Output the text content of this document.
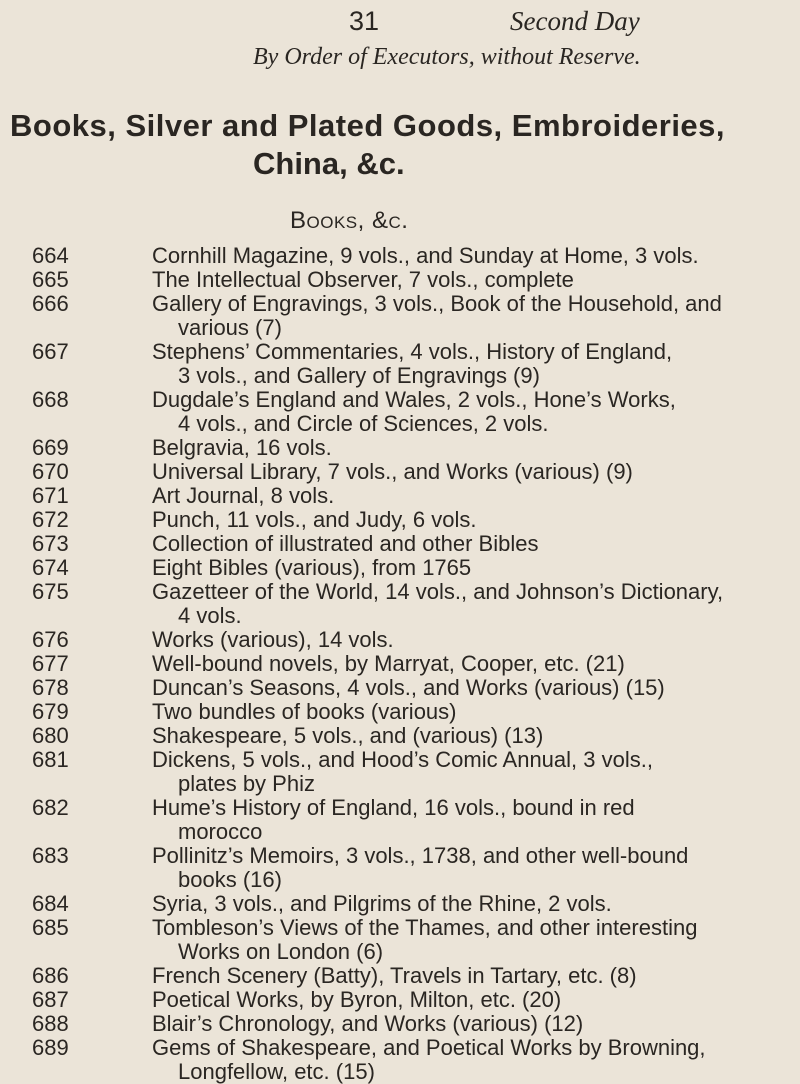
31	Second Day
By Order of Executors, without Reserve.
Books, Silver and Plated Goods, Embroideries,
China, &c.
Books, &c.
664	Cornhill Magazine, 9 vols., and Sunday at Home, 3 vols.
665	The Intellectual Observer, 7 vols., complete
666	Gallery of Engravings, 3 vols., Book of the Household, and
various (7)
667	Stephens’ Commentaries, 4 vols., History of England,
3 vols., and Gallery of Engravings (9)
668	Dugdale’s England and Wales, 2 vols., Hone’s Works,
4 vols., and Circle of Sciences, 2 vols.
669	Belgravia, 16 vols.
670	Universal Library, 7 vols., and Works (various) (9)
671	Art Journal, 8 vols.
672	Punch, 11 vols., and Judy, 6 vols.
673	Collection of illustrated and other Bibles
674	Eight Bibles (various), from 1765
675	Gazetteer of the World, 14 vols., and Johnson’s Dictionary,
4 vols.
676	Works (various), 14 vols.
677	Well-bound novels, by Marryat, Cooper, etc. (21)
678	Duncan’s Seasons, 4 vols., and Works (various) (15)
679	Two bundles of books (various)
680	Shakespeare, 5 vols., and (various) (13)
681	Dickens, 5 vols., and Hood’s Comic Annual, 3 vols.,
plates by Phiz
682	Hume’s History of England, 16 vols., bound in red
morocco
683	Pollinitz’s Memoirs, 3 vols., 1738, and other well-bound
books (16)
684	Syria, 3 vols., and Pilgrims of the Rhine, 2 vols.
685	Tombleson’s Views of the Thames, and other interesting
Works on London (6)
686	French Scenery (Batty), Travels in Tartary, etc. (8)
687	Poetical Works, by Byron, Milton, etc. (20)
688	Blair’s Chronology, and Works (various) (12)
689	Gems of Shakespeare, and Poetical Works by Browning,
Longfellow, etc. (15)
